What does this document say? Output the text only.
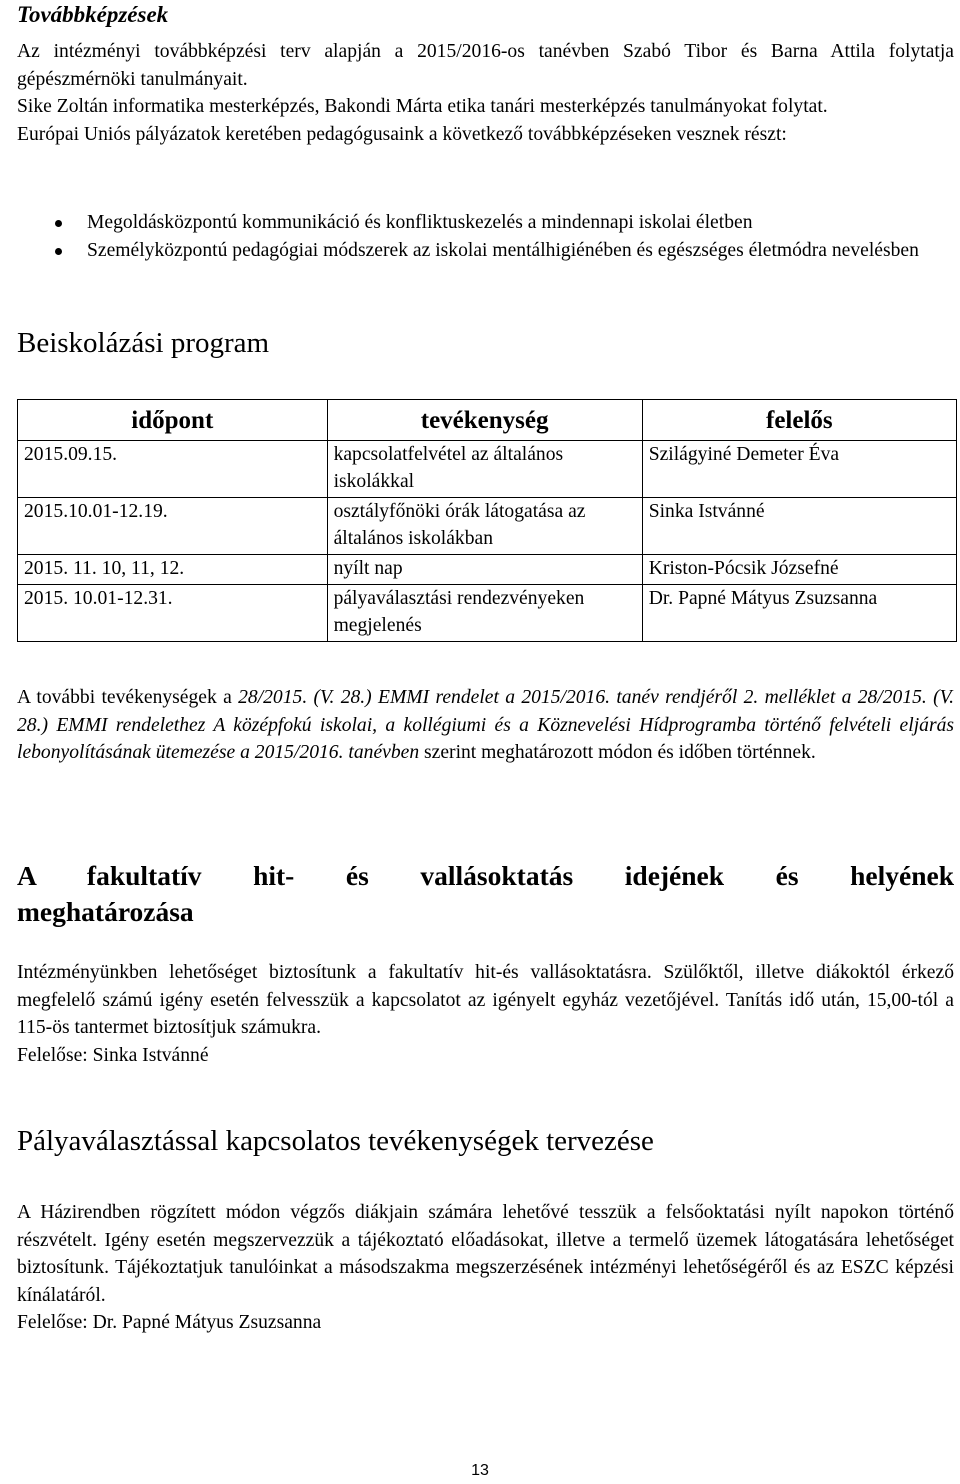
Továbbképzések

Az intézményi továbbképzési terv alapján a 2015/2016-os tanévben Szabó Tibor és Barna Attila folytatja gépészmérnöki tanulmányait.

Sike Zoltán informatika mesterképzés, Bakondi Márta etika tanári mesterképzés tanulmányokat folytat.

Európai Uniós pályázatok keretében pedagógusaink a következő továbbképzéseken vesznek részt:

Megoldásközpontú kommunikáció és konfliktuskezelés a mindennapi iskolai életben
Személyközpontú pedagógiai módszerek az iskolai mentálhigiénében és egészséges életmódra nevelésben
Beiskolázási program
időpont	tevékenység	felelős
2015.09.15.	kapcsolatfelvétel az általános iskolákkal	Szilágyiné Demeter Éva
2015.10.01-12.19.	osztályfőnöki órák látogatása az általános iskolákban	Sinka Istvánné
2015. 11. 10, 11, 12.	nyílt nap	Kriston-Pócsik Józsefné
2015. 10.01-12.31.	pályaválasztási rendezvényeken megjelenés	Dr. Papné Mátyus Zsuzsanna

A további tevékenységek a 28/2015. (V. 28.) EMMI rendelet a 2015/2016. tanév rendjéről 2. melléklet a 28/2015. (V. 28.) EMMI rendelethez A középfokú iskolai, a kollégiumi és a Köznevelési Hídprogramba történő felvételi eljárás lebonyolításának ütemezése a 2015/2016. tanévben szerint meghatározott módon és időben történnek.

A fakultatív hit- és vallásoktatás idejének és helyének
meghatározása

Intézményünkben lehetőséget biztosítunk a fakultatív hit-és vallásoktatásra. Szülőktől, illetve diákoktól érkező megfelelő számú igény esetén felvesszük a kapcsolatot az igényelt egyház vezetőjével. Tanítás idő után, 15,00-tól a 115-ös tantermet biztosítjuk számukra.

Felelőse: Sinka Istvánné

Pályaválasztással kapcsolatos tevékenységek tervezése

A Házirendben rögzített módon végzős diákjain számára lehetővé tesszük a felsőoktatási nyílt napokon történő részvételt. Igény esetén megszervezzük a tájékoztató előadásokat, illetve a termelő üzemek látogatására lehetőséget biztosítunk. Tájékoztatjuk tanulóinkat a másodszakma megszerzésének intézményi lehetőségéről és az ESZC képzési kínálatáról.

Felelőse: Dr. Papné Mátyus Zsuzsanna

13
